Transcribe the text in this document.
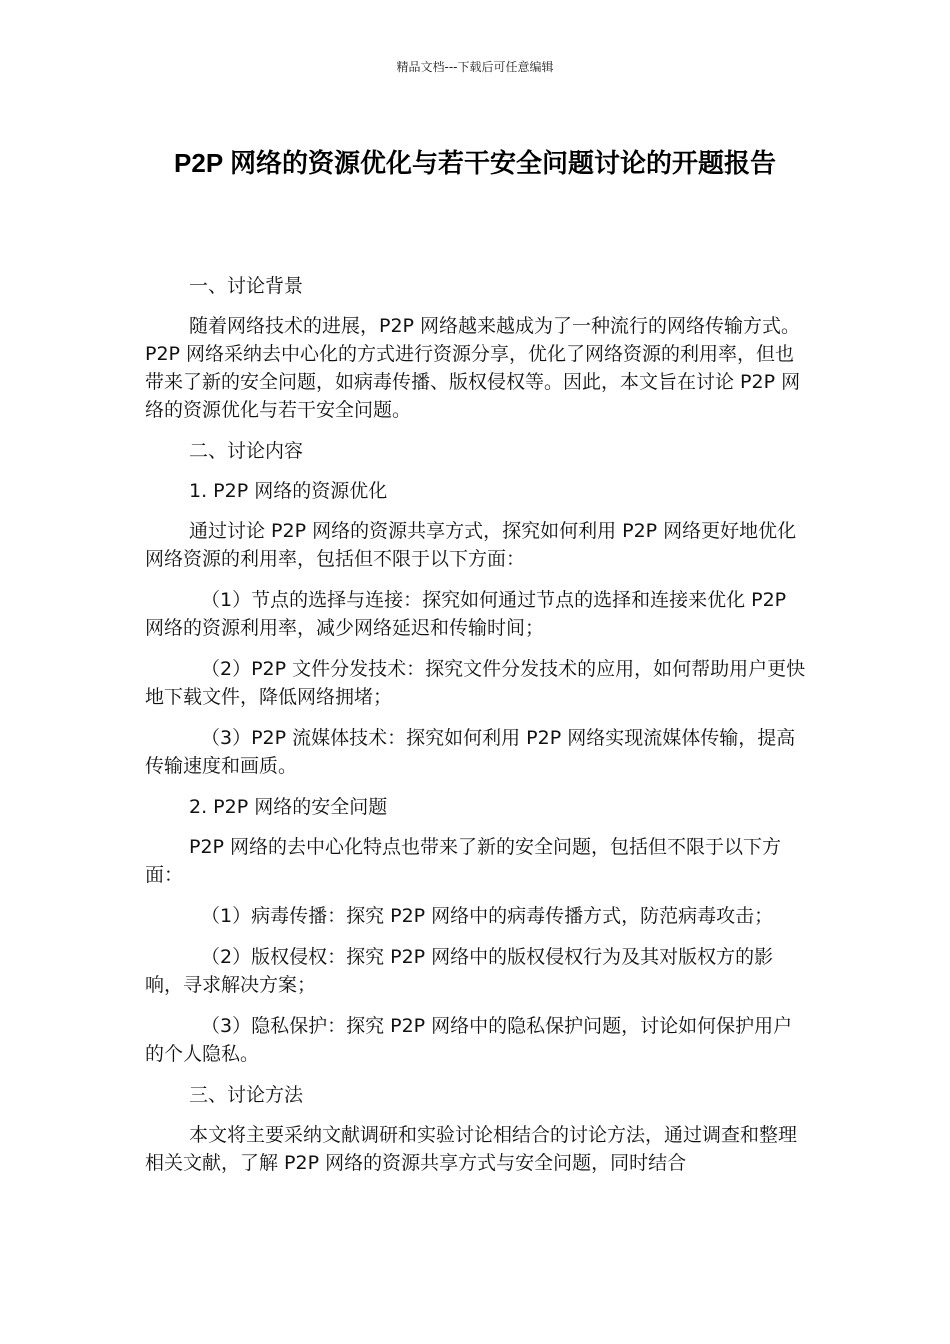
精品文档---下载后可任意编辑
P2P 网络的资源优化与若干安全问题讨论的开题报告

一、讨论背景

随着网络技术的进展，P2P 网络越来越成为了一种流行的网络传输方式。P2P 网络采纳去中心化的方式进行资源分享，优化了网络资源的利用率，但也带来了新的安全问题，如病毒传播、版权侵权等。因此，本文旨在讨论 P2P 网络的资源优化与若干安全问题。

二、讨论内容

1. P2P 网络的资源优化

通过讨论 P2P 网络的资源共享方式，探究如何利用 P2P 网络更好地优化网络资源的利用率，包括但不限于以下方面：

（1）节点的选择与连接：探究如何通过节点的选择和连接来优化 P2P 网络的资源利用率，减少网络延迟和传输时间；

（2）P2P 文件分发技术：探究文件分发技术的应用，如何帮助用户更快地下载文件，降低网络拥堵；

（3）P2P 流媒体技术：探究如何利用 P2P 网络实现流媒体传输，提高传输速度和画质。

2. P2P 网络的安全问题

P2P 网络的去中心化特点也带来了新的安全问题，包括但不限于以下方面：

（1）病毒传播：探究 P2P 网络中的病毒传播方式，防范病毒攻击；

（2）版权侵权：探究 P2P 网络中的版权侵权行为及其对版权方的影响，寻求解决方案；

（3）隐私保护：探究 P2P 网络中的隐私保护问题，讨论如何保护用户的个人隐私。

三、讨论方法

本文将主要采纳文献调研和实验讨论相结合的讨论方法，通过调查和整理相关文献，了解 P2P 网络的资源共享方式与安全问题，同时结合
